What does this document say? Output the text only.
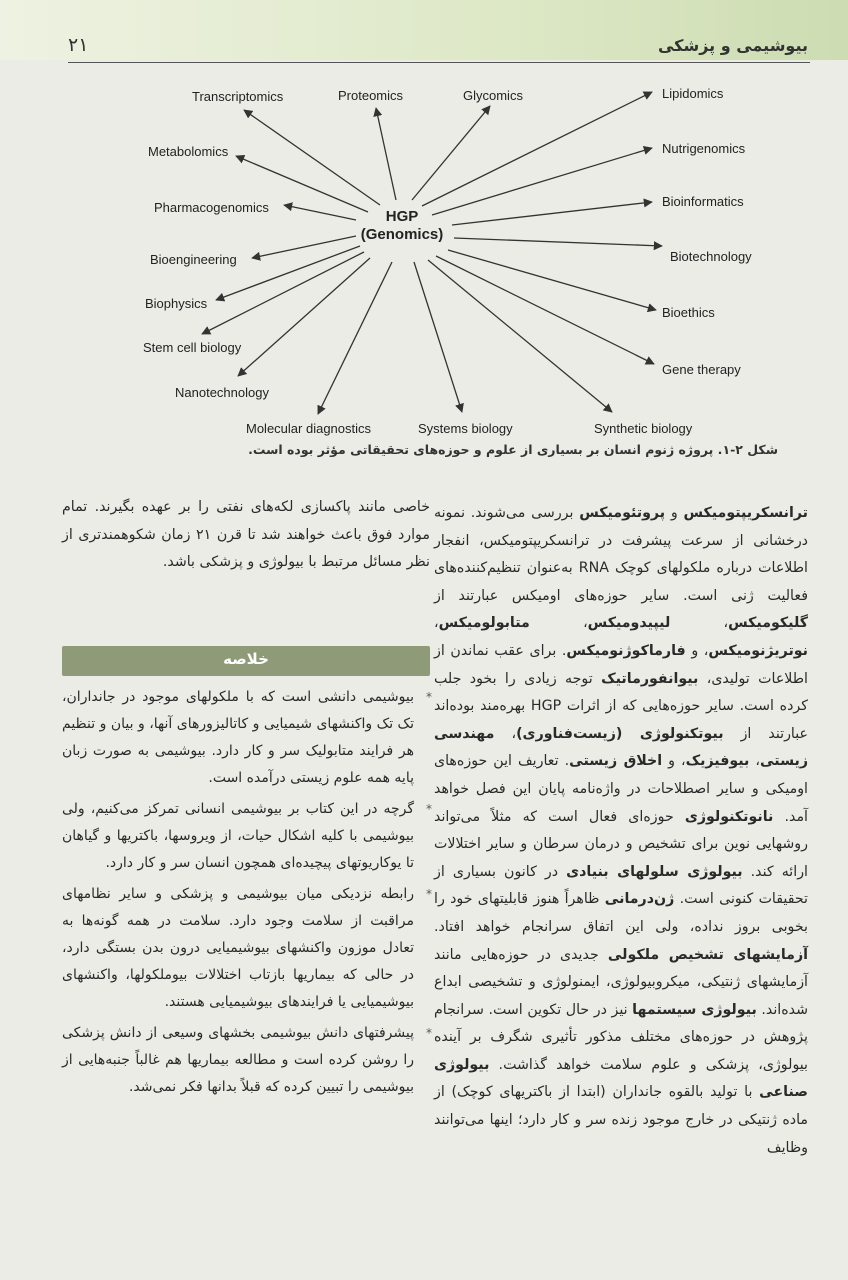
۲۱	بیوشیمی و پزشکی
HGP
(Genomics)
Transcriptomics	Proteomics	Glycomics	Lipidomics
Metabolomics	Nutrigenomics
Pharmacogenomics	Bioinformatics
Bioengineering	Biotechnology
Biophysics
Bioethics
Stem cell biology
Gene therapy
Nanotechnology
Molecular diagnostics	Systems biology	Synthetic biology
شکل ۲-۱. پروژه ژنوم انسان بر بسیاری از علوم و حوزه‌های تحقیقاتی مؤثر بوده است.

ترانسکریپتومیکس و پروتئومیکس بررسی می‌شوند. نمونه درخشانی از سرعت پیشرفت در ترانسکریپتومیکس، انفجار اطلاعات درباره ملکولهای کوچک RNA به‌عنوان تنظیم‌کننده‌های فعالیت ژنی است. سایر حوزه‌های اومیکس عبارتند از گلیکومیکس، لیپیدومیکس، متابولومیکس، نوتریژنومیکس، و فارماکوژنومیکس. برای عقب نماندن از اطلاعات تولیدی، بیوانفورماتیک توجه زیادی را بخود جلب کرده است. سایر حوزه‌هایی که از اثرات HGP بهره‌مند بوده‌اند عبارتند از بیوتکنولوژی (زیست‌فناوری)، مهندسی زیستی، بیوفیزیک، و اخلاق زیستی. تعاریف این حوزه‌های اومیکی و سایر اصطلاحات در واژه‌نامه پایان این فصل خواهد آمد. نانوتکنولوژی حوزه‌ای فعال است که مثلاً می‌تواند روشهایی نوین برای تشخیص و درمان سرطان و سایر اختلالات ارائه کند. بیولوژی سلولهای بنیادی در کانون بسیاری از تحقیقات کنونی است. ژن‌درمانی ظاهراً هنوز قابلیتهای خود را بخوبی بروز نداده، ولی این اتفاق سرانجام خواهد افتاد. آزمایشهای تشخیص ملکولی جدیدی در حوزه‌هایی مانند آزمایشهای ژنتیکی، میکروبیولوژی، ایمنولوژی و تشخیصی ابداع شده‌اند. بیولوژی سیستمها نیز در حال تکوین است. سرانجام پژوهش در حوزه‌های مختلف مذکور تأثیری شگرف بر آینده بیولوژی، پزشکی و علوم سلامت خواهد گذاشت. بیولوژی صناعی با تولید بالقوه جانداران (ابتدا از باکتریهای کوچک) از ماده ژنتیکی در خارج موجود زنده سر و کار دارد؛ اینها می‌توانند وظایف

خاصی مانند پاکسازی لکه‌های نفتی را بر عهده بگیرند. تمام موارد فوق باعث خواهند شد تا قرن ۲۱ زمان شکوهمندتری از نظر مسائل مرتبط با بیولوژی و پزشکی باشد.

خلاصه
*
بیوشیمی دانشی است که با ملکولهای موجود در جانداران، تک تک واکنشهای شیمیایی و کاتالیزورهای آنها، و بیان و تنظیم هر فرایند متابولیک سر و کار دارد. بیوشیمی به صورت زبان پایه همه علوم زیستی درآمده است.
*
گرچه در این کتاب بر بیوشیمی انسانی تمرکز می‌کنیم، ولی بیوشیمی با کلیه اشکال حیات، از ویروسها، باکتریها و گیاهان تا یوکاریوتهای پیچیده‌ای همچون انسان سر و کار دارد.
*
رابطه نزدیکی میان بیوشیمی و پزشکی و سایر نظامهای مراقبت از سلامت وجود دارد. سلامت در همه گونه‌ها به تعادل موزون واکنشهای بیوشیمیایی درون بدن بستگی دارد، در حالی که بیماریها بازتاب اختلالات بیوملکولها، واکنشهای بیوشیمیایی یا فرایندهای بیوشیمیایی هستند.
*
پیشرفتهای دانش بیوشیمی بخشهای وسیعی از دانش پزشکی را روشن کرده است و مطالعه بیماریها هم غالباً جنبه‌هایی از بیوشیمی را تبیین کرده که قبلاً بدانها فکر نمی‌شد.
